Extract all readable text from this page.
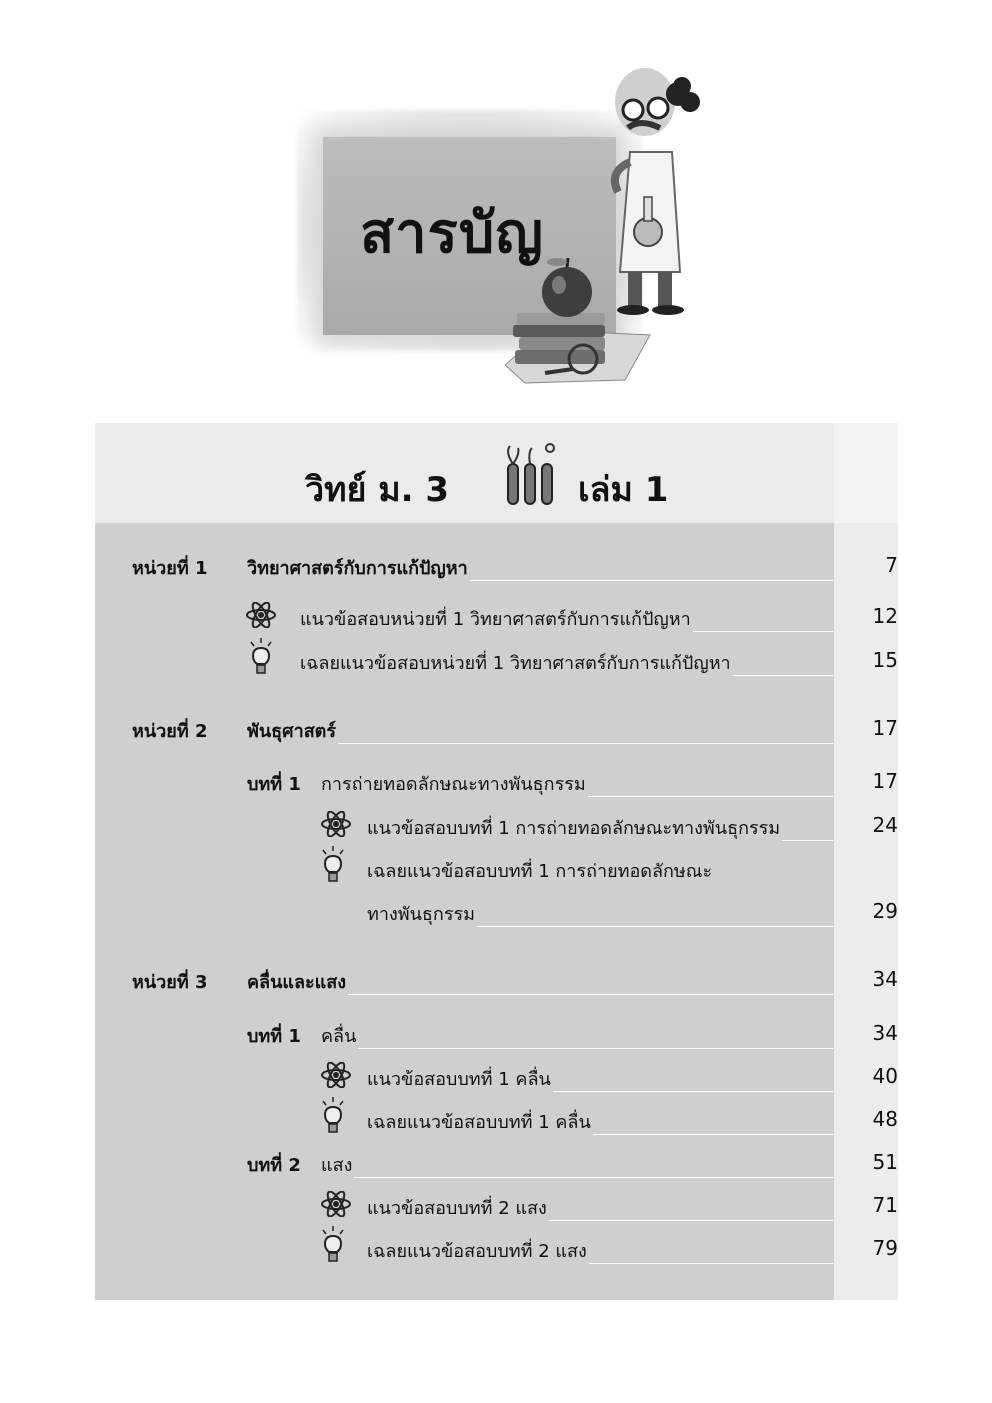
สารบัญ
วิทย์ ม. 3	เล่ม 1
หน่วยที่ 1 วิทยาศาสตร์กับการแก้ปัญหา	7
แนวข้อสอบหน่วยที่ 1 วิทยาศาสตร์กับการแก้ปัญหา	12
เฉลยแนวข้อสอบหน่วยที่ 1 วิทยาศาสตร์กับการแก้ปัญหา	15
หน่วยที่ 2 พันธุศาสตร์	17
บทที่ 1 การถ่ายทอดลักษณะทางพันธุกรรม	17
แนวข้อสอบบทที่ 1 การถ่ายทอดลักษณะทางพันธุกรรม	24
เฉลยแนวข้อสอบบทที่ 1 การถ่ายทอดลักษณะ
ทางพันธุกรรม	29
หน่วยที่ 3 คลื่นและแสง	34
บทที่ 1 คลื่น	34
แนวข้อสอบบทที่ 1 คลื่น	40
เฉลยแนวข้อสอบบทที่ 1 คลื่น	48
บทที่ 2 แสง	51
แนวข้อสอบบทที่ 2 แสง	71
เฉลยแนวข้อสอบบทที่ 2 แสง	79
